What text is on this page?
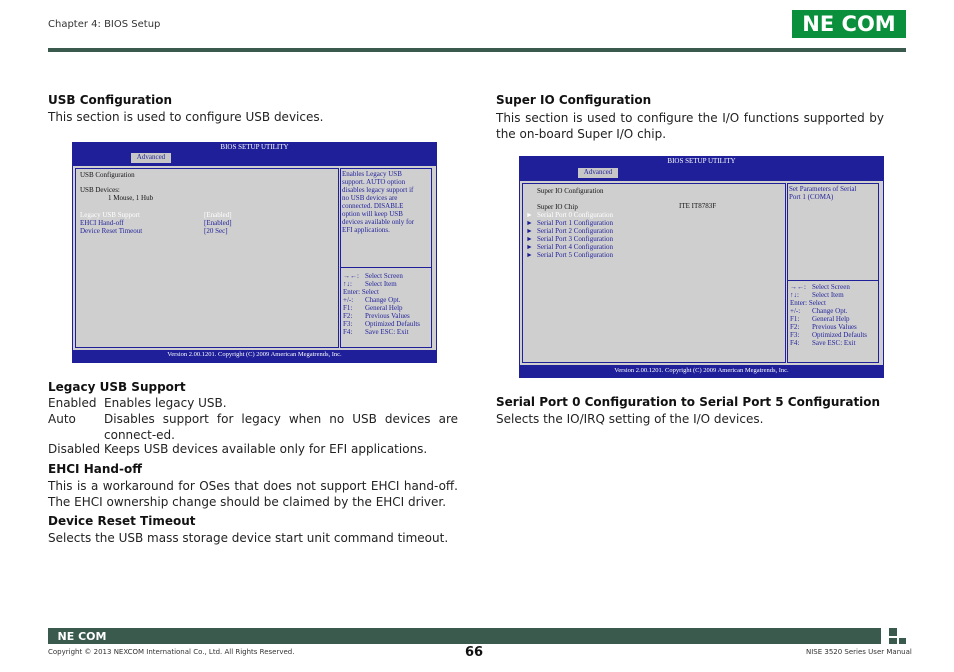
Chapter 4: BIOS Setup	NE COM
USB Configuration
This section is used to configure USB devices.
BIOS SETUP UTILITY
Advanced
USB Configuration
USB Devices:
1 Mouse, 1 Hub
Legacy USB Support	[Enabled]
EHCI Hand-off	[Enabled]
Device Reset Timeout	[20 Sec]
Enables Legacy USB
support. AUTO option
disables legacy support if
no USB devices are
connected. DISABLE
option will keep USB
devices available only for
EFI applications.
→←: Select Screen
↑↓: Select Item
Enter: Select
+/-: Change Opt.
F1: General Help
F2: Previous Values
F3: Optimized Defaults
F4: Save ESC: Exit
Version 2.00.1201. Copyright (C) 2009 American Megatrends, Inc.
Legacy USB Support
Enabled Enables legacy USB.
Auto Disables support for legacy when no USB devices are connect-ed.
Disabled Keeps USB devices available only for EFI applications.
EHCI Hand-off
This is a workaround for OSes that does not support EHCI hand-off. The EHCI ownership change should be claimed by the EHCI driver.
Device Reset Timeout
Selects the USB mass storage device start unit command timeout.
Super IO Configuration
This section is used to configure the I/O functions supported by the on-board Super I/O chip.
BIOS SETUP UTILITY
Advanced
Super IO Configuration
Super IO Chip	ITE IT8783F
► Serial Port 0 Configuration
► Serial Port 1 Configuration
► Serial Port 2 Configuration
► Serial Port 3 Configuration
► Serial Port 4 Configuration
► Serial Port 5 Configuration
Set Parameters of Serial
Port 1 (COMA)
→←: Select Screen
↑↓: Select Item
Enter: Select
+/-: Change Opt.
F1: General Help
F2: Previous Values
F3: Optimized Defaults
F4: Save ESC: Exit
Version 2.00.1201. Copyright (C) 2009 American Megatrends, Inc.
Serial Port 0 Configuration to Serial Port 5 Configuration
Selects the IO/IRQ setting of the I/O devices.
NE COM
Copyright © 2013 NEXCOM International Co., Ltd. All Rights Reserved.	66	NISE 3520 Series User Manual
